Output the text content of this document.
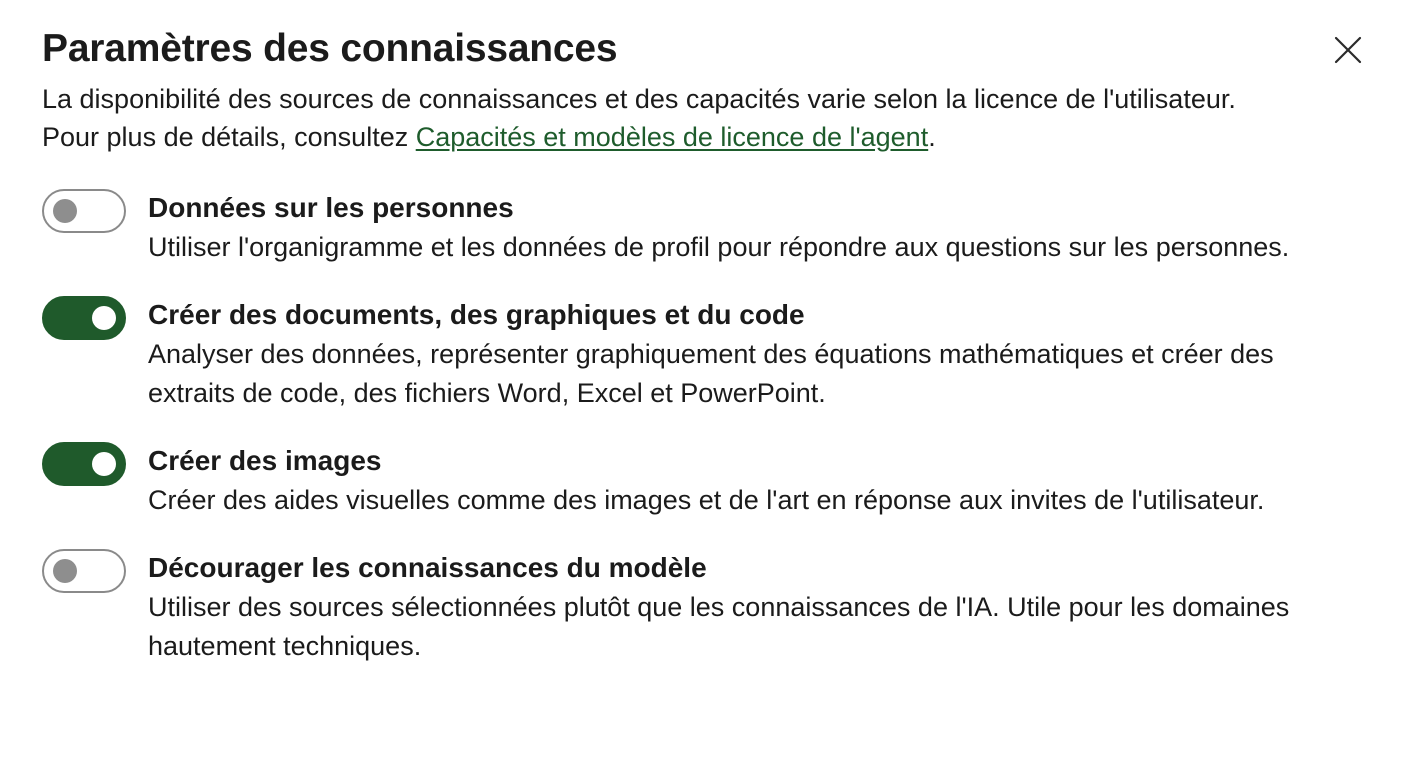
Paramètres des connaissances
La disponibilité des sources de connaissances et des capacités varie selon la licence de l'utilisateur.
Pour plus de détails, consultez Capacités et modèles de licence de l'agent.
Données sur les personnes
Utiliser l'organigramme et les données de profil pour répondre aux questions sur les personnes.
Créer des documents, des graphiques et du code
Analyser des données, représenter graphiquement des équations mathématiques et créer des extraits de code, des fichiers Word, Excel et PowerPoint.
Créer des images
Créer des aides visuelles comme des images et de l'art en réponse aux invites de l'utilisateur.
Décourager les connaissances du modèle
Utiliser des sources sélectionnées plutôt que les connaissances de l'IA. Utile pour les domaines hautement techniques.
